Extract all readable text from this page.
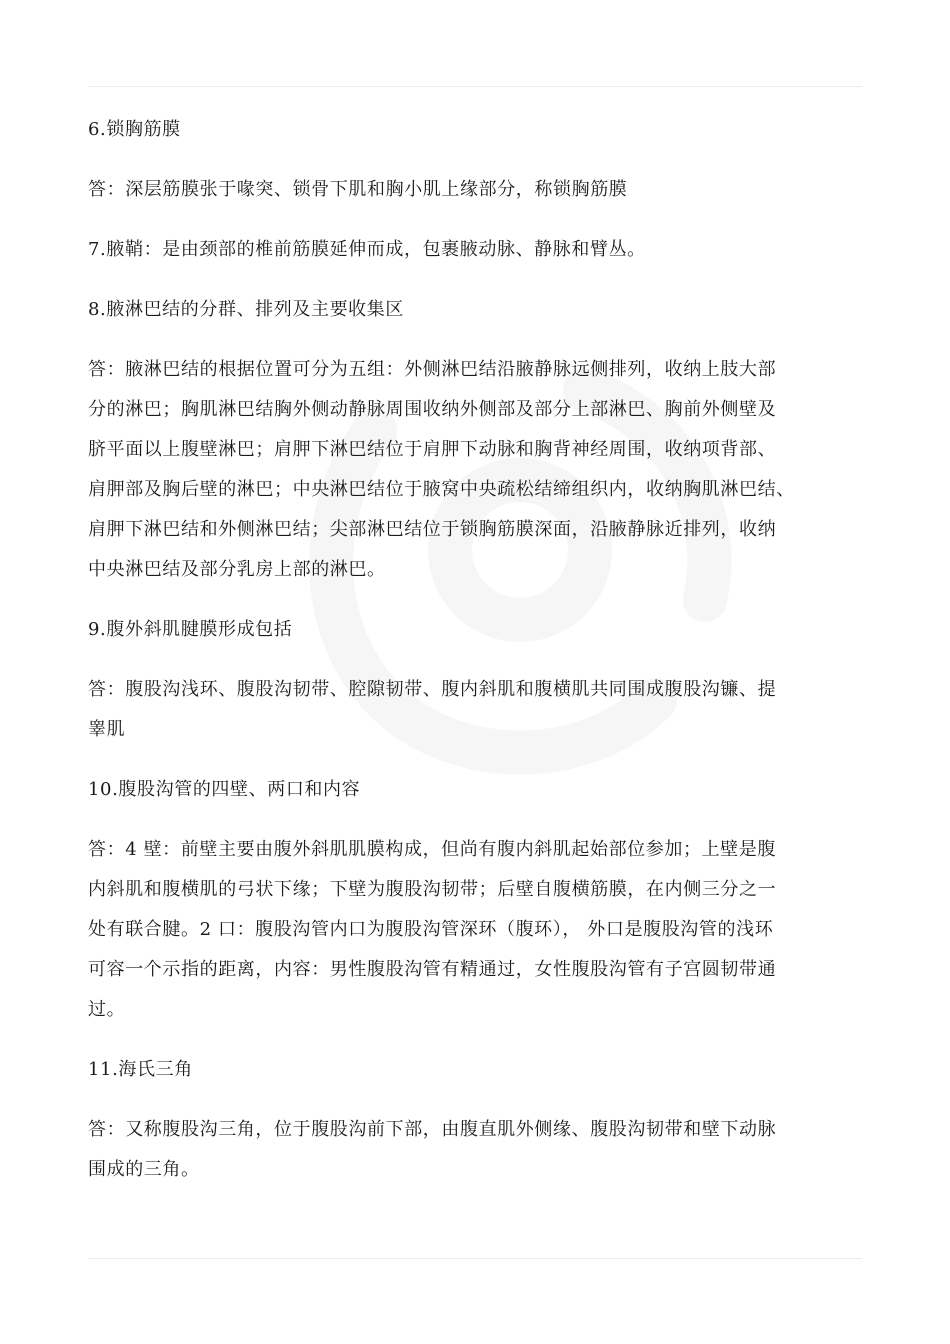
6.锁胸筋膜
答：深层筋膜张于喙突、锁骨下肌和胸小肌上缘部分，称锁胸筋膜
7.腋鞘：是由颈部的椎前筋膜延伸而成，包裹腋动脉、静脉和臂丛。
8.腋淋巴结的分群、排列及主要收集区
答：腋淋巴结的根据位置可分为五组：外侧淋巴结沿腋静脉远侧排列，收纳上肢大部
分的淋巴；胸肌淋巴结胸外侧动静脉周围收纳外侧部及部分上部淋巴、胸前外侧壁及
脐平面以上腹壁淋巴；肩胛下淋巴结位于肩胛下动脉和胸背神经周围，收纳项背部、
肩胛部及胸后壁的淋巴；中央淋巴结位于腋窝中央疏松结缔组织内，收纳胸肌淋巴结、
肩胛下淋巴结和外侧淋巴结；尖部淋巴结位于锁胸筋膜深面，沿腋静脉近排列，收纳
中央淋巴结及部分乳房上部的淋巴。
9.腹外斜肌腱膜形成包括
答：腹股沟浅环、腹股沟韧带、腔隙韧带、腹内斜肌和腹横肌共同围成腹股沟镰、提
睾肌
10.腹股沟管的四壁、两口和内容
答：4 壁：前壁主要由腹外斜肌肌膜构成，但尚有腹内斜肌起始部位参加；上壁是腹
内斜肌和腹横肌的弓状下缘；下壁为腹股沟韧带；后壁自腹横筋膜，在内侧三分之一
处有联合腱。2 口：腹股沟管内口为腹股沟管深环（腹环）， 外口是腹股沟管的浅环
可容一个示指的距离，内容：男性腹股沟管有精通过，女性腹股沟管有子宫圆韧带通
过。
11.海氏三角
答：又称腹股沟三角，位于腹股沟前下部，由腹直肌外侧缘、腹股沟韧带和壁下动脉
围成的三角。
